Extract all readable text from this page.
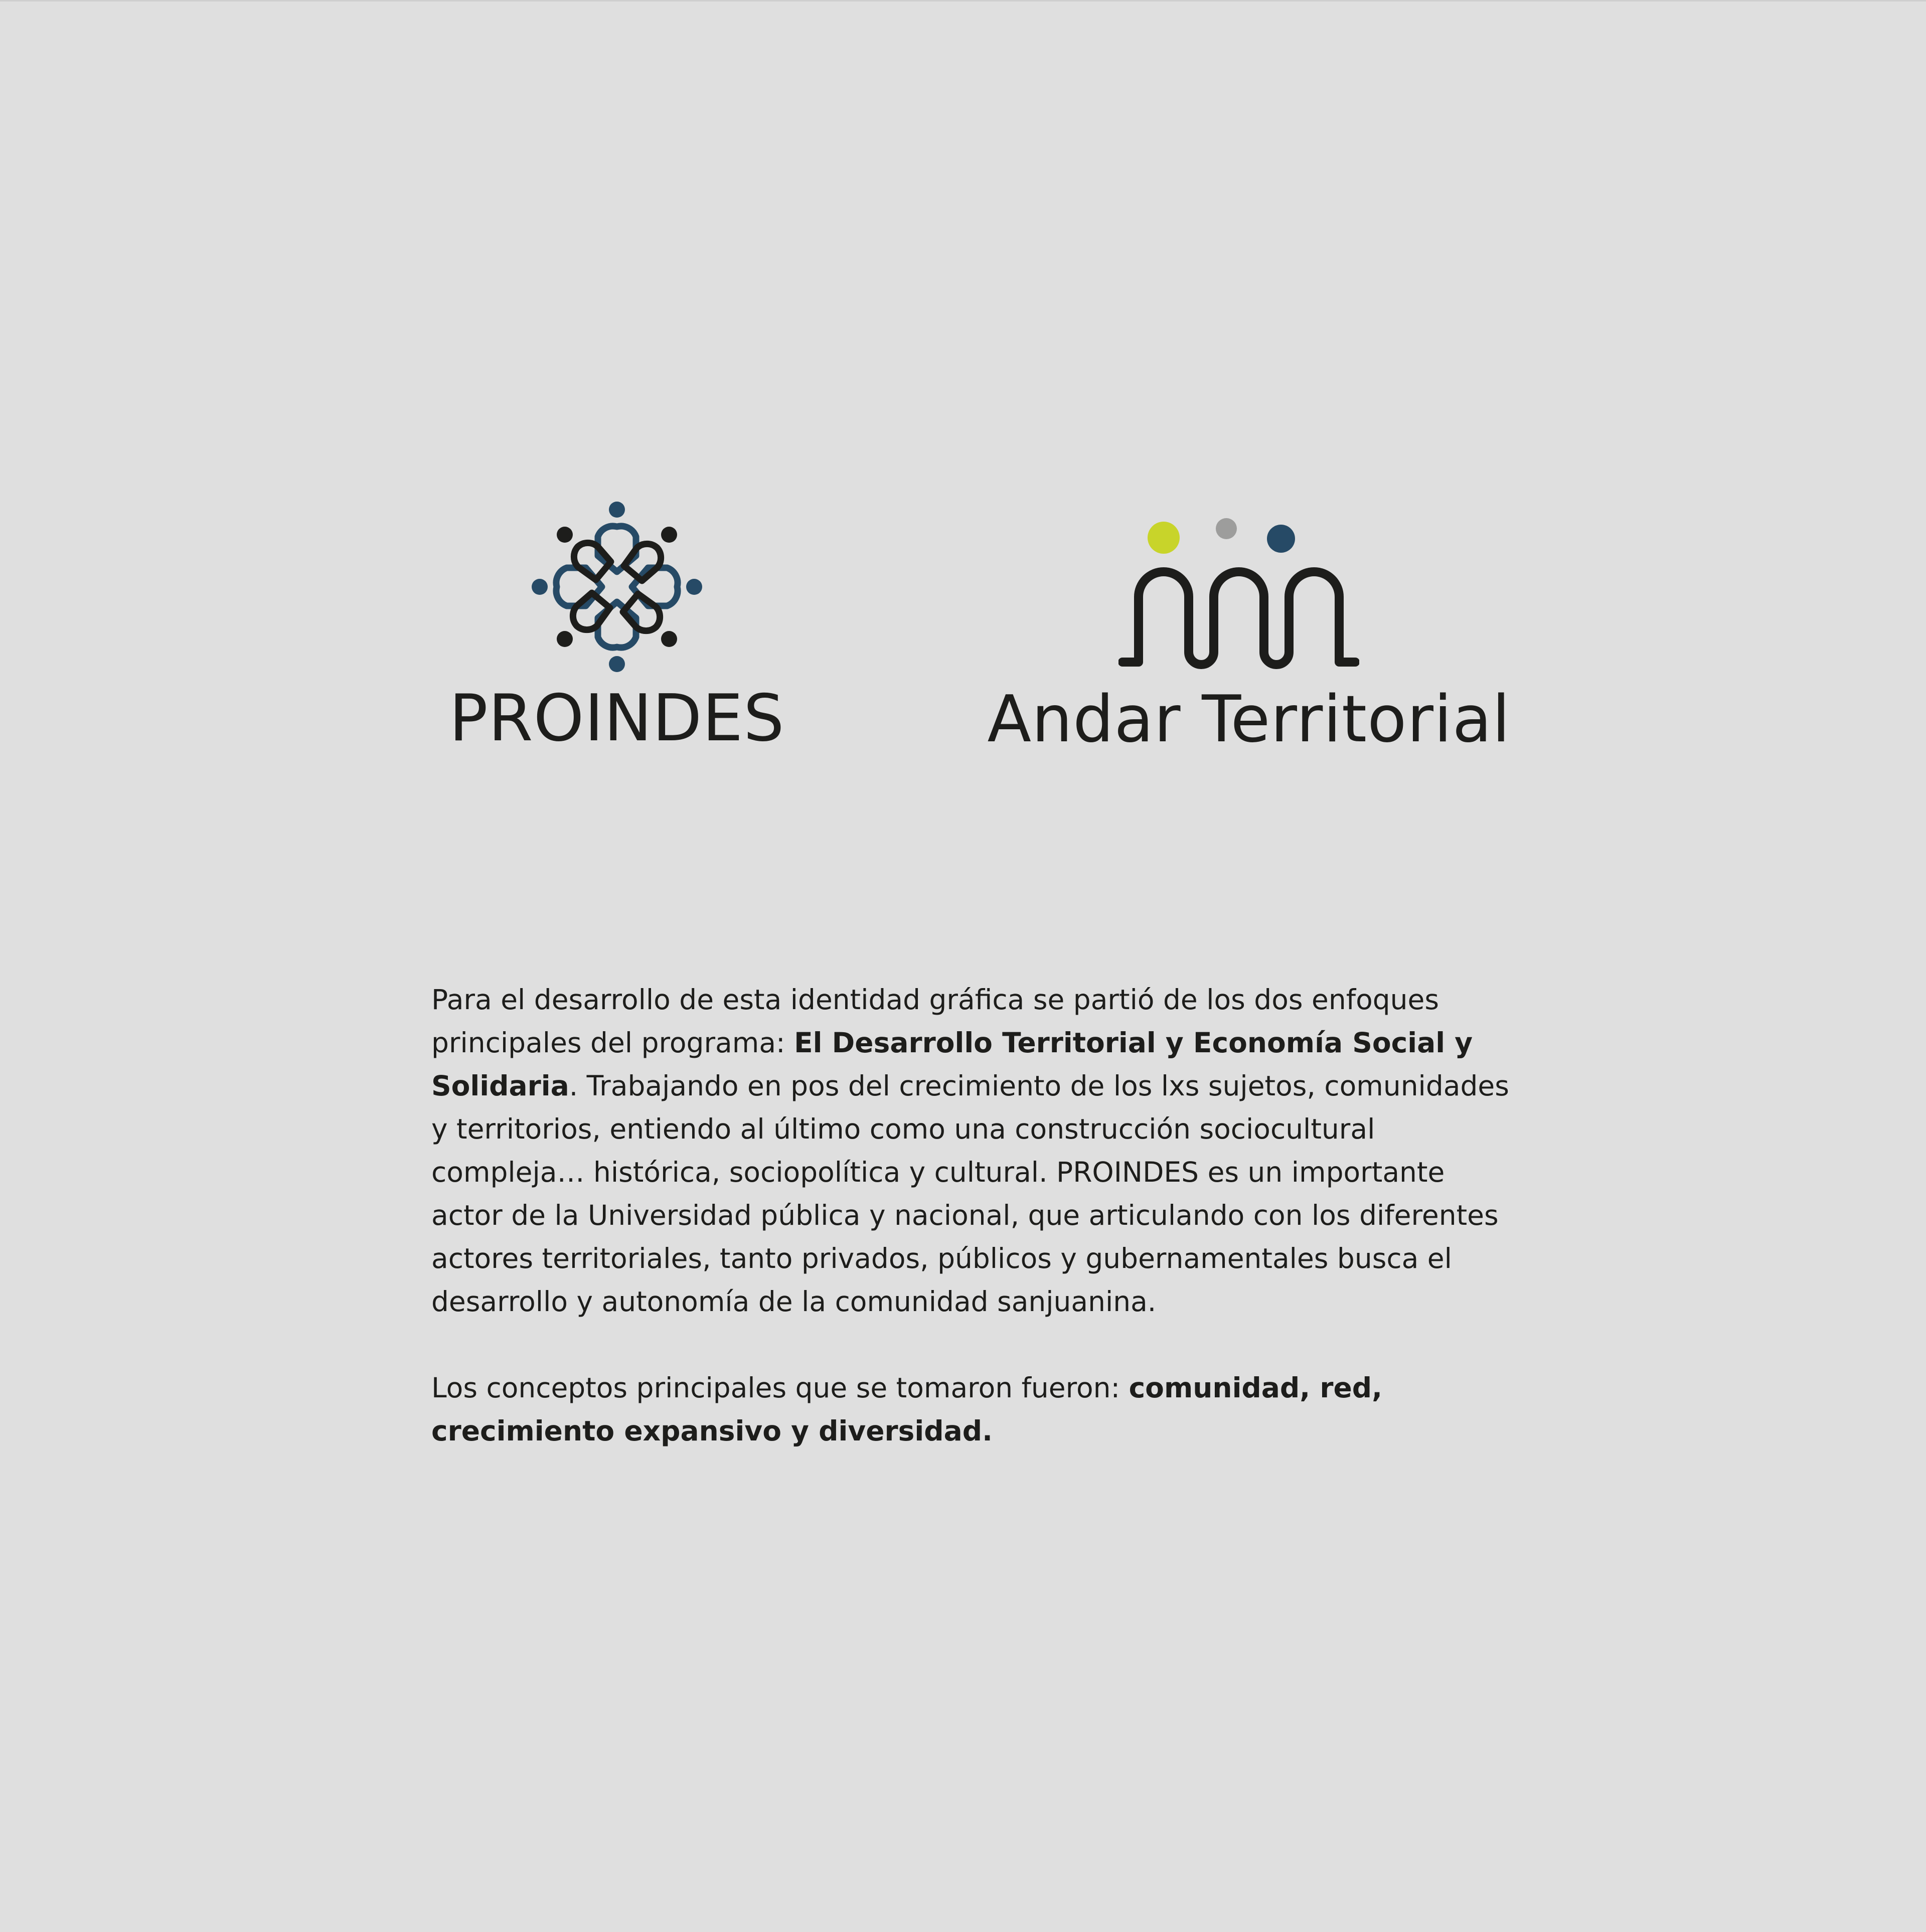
PROINDES	Andar Territorial

Para el desarrollo de esta identidad gráfica se partió de los dos enfoques principales del programa: El Desarrollo Territorial y Economía Social y Solidaria. Trabajando en pos del crecimiento de los lxs sujetos, comunidades y territorios, entiendo al último como una construcción sociocultural compleja… histórica, sociopolítica y cultural. PROINDES es un importante actor de la Universidad pública y nacional, que articulando con los diferentes actores territoriales, tanto privados, públicos y gubernamentales busca el desarrollo y autonomía de la comunidad sanjuanina.

Los conceptos principales que se tomaron fueron: comunidad, red, crecimiento expansivo y diversidad.
